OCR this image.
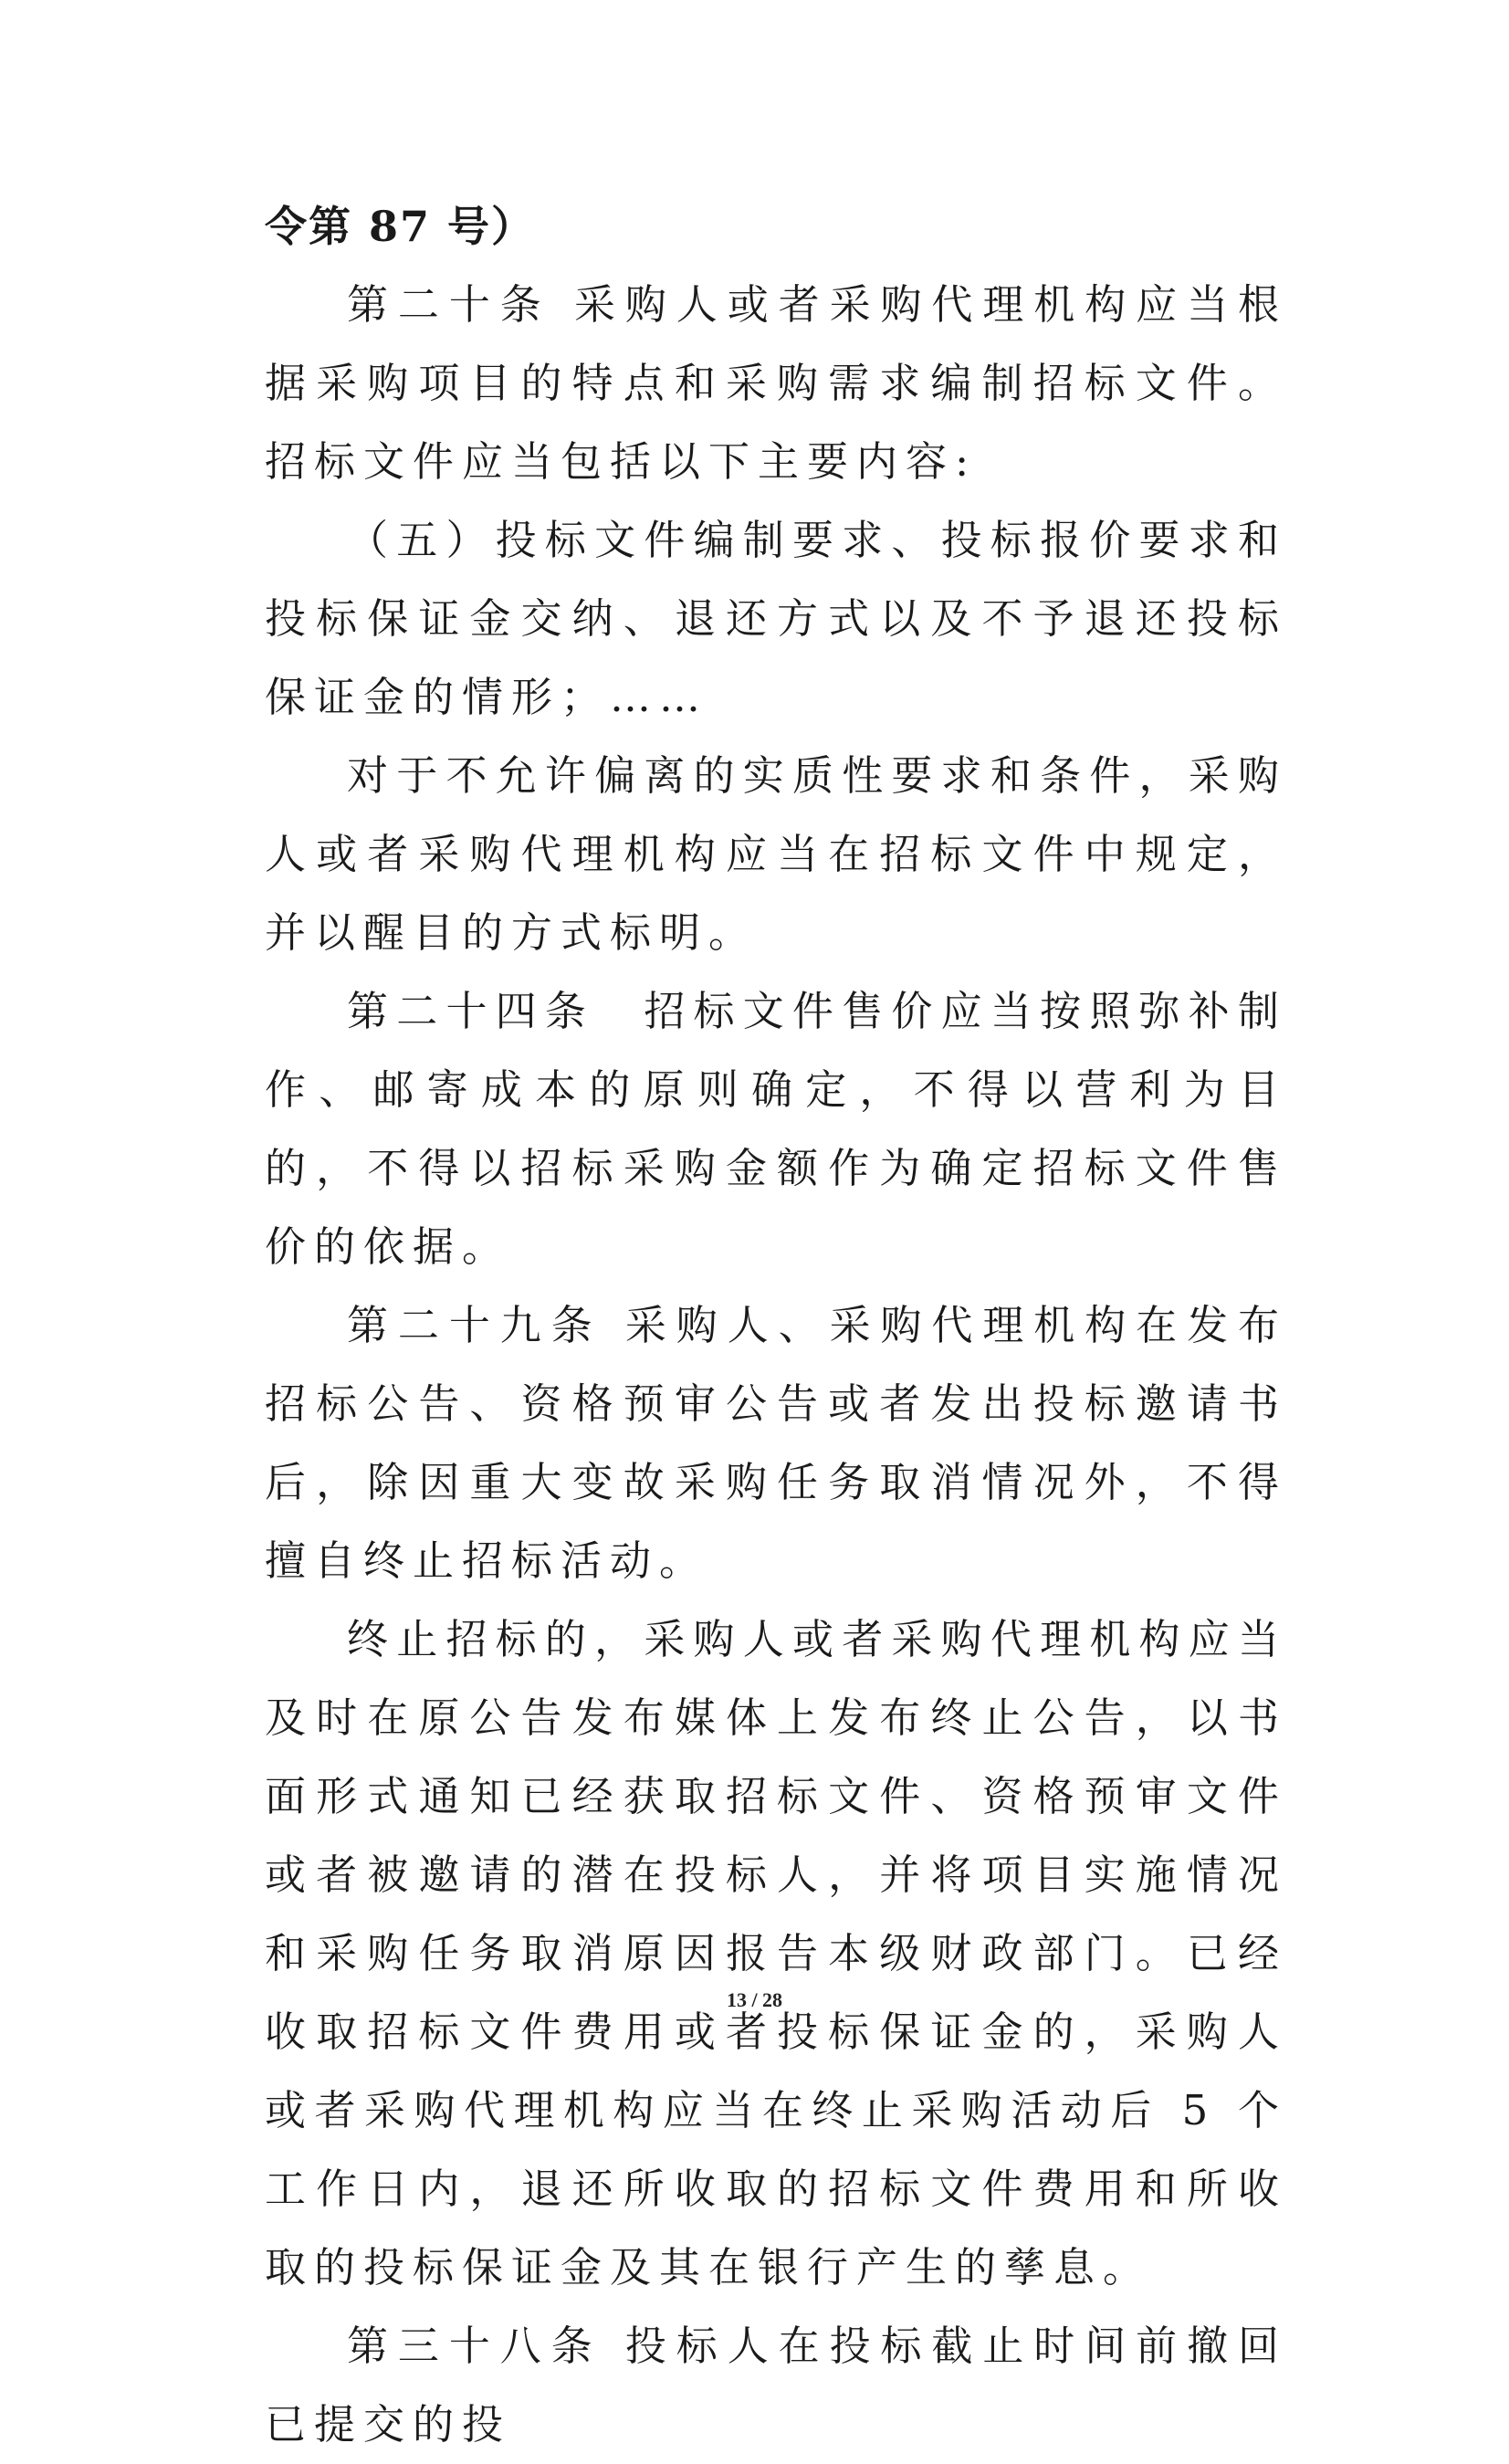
令第 87 号）

第二十条 采购人或者采购代理机构应当根据采购项目的特点和采购需求编制招标文件。招标文件应当包括以下主要内容:

（五）投标文件编制要求、投标报价要求和投标保证金交纳、退还方式以及不予退还投标保证金的情形；……

对于不允许偏离的实质性要求和条件，采购人或者采购代理机构应当在招标文件中规定，并以醒目的方式标明。

第二十四条　招标文件售价应当按照弥补制作、邮寄成本的原则确定，不得以营利为目的，不得以招标采购金额作为确定招标文件售价的依据。

第二十九条 采购人、采购代理机构在发布招标公告、资格预审公告或者发出投标邀请书后，除因重大变故采购任务取消情况外，不得擅自终止招标活动。

终止招标的，采购人或者采购代理机构应当及时在原公告发布媒体上发布终止公告，以书面形式通知已经获取招标文件、资格预审文件或者被邀请的潜在投标人，并将项目实施情况和采购任务取消原因报告本级财政部门。已经收取招标文件费用或者投标保证金的，采购人或者采购代理机构应当在终止采购活动后 5 个工作日内，退还所收取的招标文件费用和所收取的投标保证金及其在银行产生的孳息。

第三十八条 投标人在投标截止时间前撤回已提交的投

13 / 28
